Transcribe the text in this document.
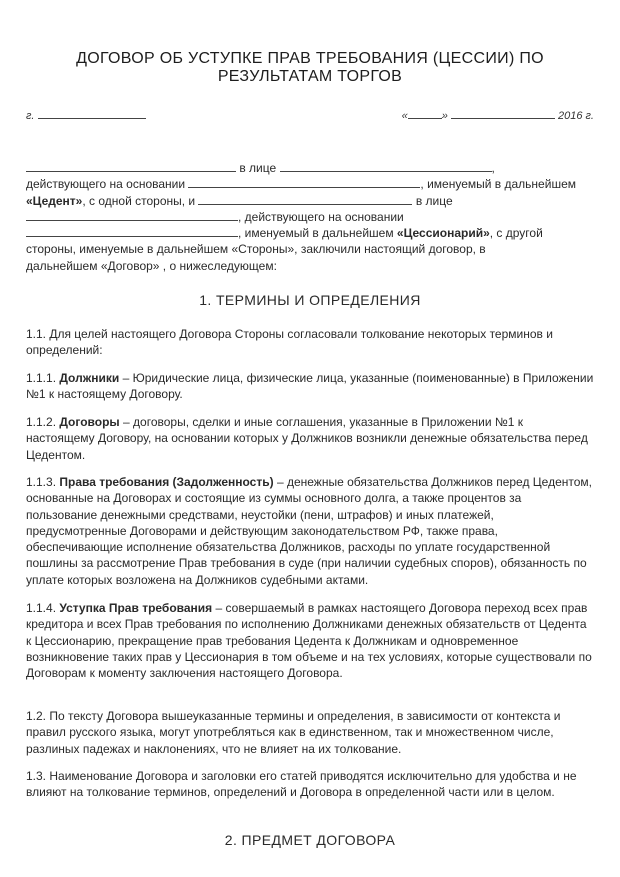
ДОГОВОР ОБ УСТУПКЕ ПРАВ ТРЕБОВАНИЯ (ЦЕССИИ) ПО РЕЗУЛЬТАТАМ ТОРГОВ
г.	«	»	2016 г.
в лице	,
действующего на основании	, именуемый в дальнейшем
«Цедент», с одной стороны, и	в лице
, действующего на основании
, именуемый в дальнейшем «Цессионарий», с другой
стороны, именуемые в дальнейшем «Стороны», заключили настоящий договор, в
дальнейшем «Договор» , о нижеследующем:
1. ТЕРМИНЫ И ОПРЕДЕЛЕНИЯ
1.1. Для целей настоящего Договора Стороны согласовали толкование некоторых терминов и определений:
1.1.1. Должники – Юридические лица, физические лица, указанные (поименованные) в Приложении №1 к настоящему Договору.
1.1.2. Договоры – договоры, сделки и иные соглашения, указанные в Приложении №1 к настоящему Договору, на основании которых у Должников возникли денежные обязательства перед Цедентом.
1.1.3. Права требования (Задолженность) – денежные обязательства Должников перед Цедентом, основанные на Договорах и состоящие из суммы основного долга, а также процентов за пользование денежными средствами, неустойки (пени, штрафов) и иных платежей, предусмотренные Договорами и действующим законодательством РФ, также права, обеспечивающие исполнение обязательства Должников, расходы по уплате государственной пошлины за рассмотрение Прав требования в суде (при наличии судебных споров), обязанность по уплате которых возложена на Должников судебными актами.
1.1.4. Уступка Прав требования – совершаемый в рамках настоящего Договора переход всех прав кредитора и всех Прав требования по исполнению Должниками денежных обязательств от Цедента к Цессионарию, прекращение прав требования Цедента к Должникам и одновременное возникновение таких прав у Цессионария в том объеме и на тех условиях, которые существовали по Договорам к моменту заключения настоящего Договора.
1.2. По тексту Договора вышеуказанные термины и определения, в зависимости от контекста и правил русского языка, могут употребляться как в единственном, так и множественном числе, разлиных падежах и наклонениях, что не влияет на их толкование.
1.3. Наименование Договора и заголовки его статей приводятся исключительно для удобства и не влияют на толкование терминов, определений и Договора в определенной части или в целом.
2. ПРЕДМЕТ ДОГОВОРА
